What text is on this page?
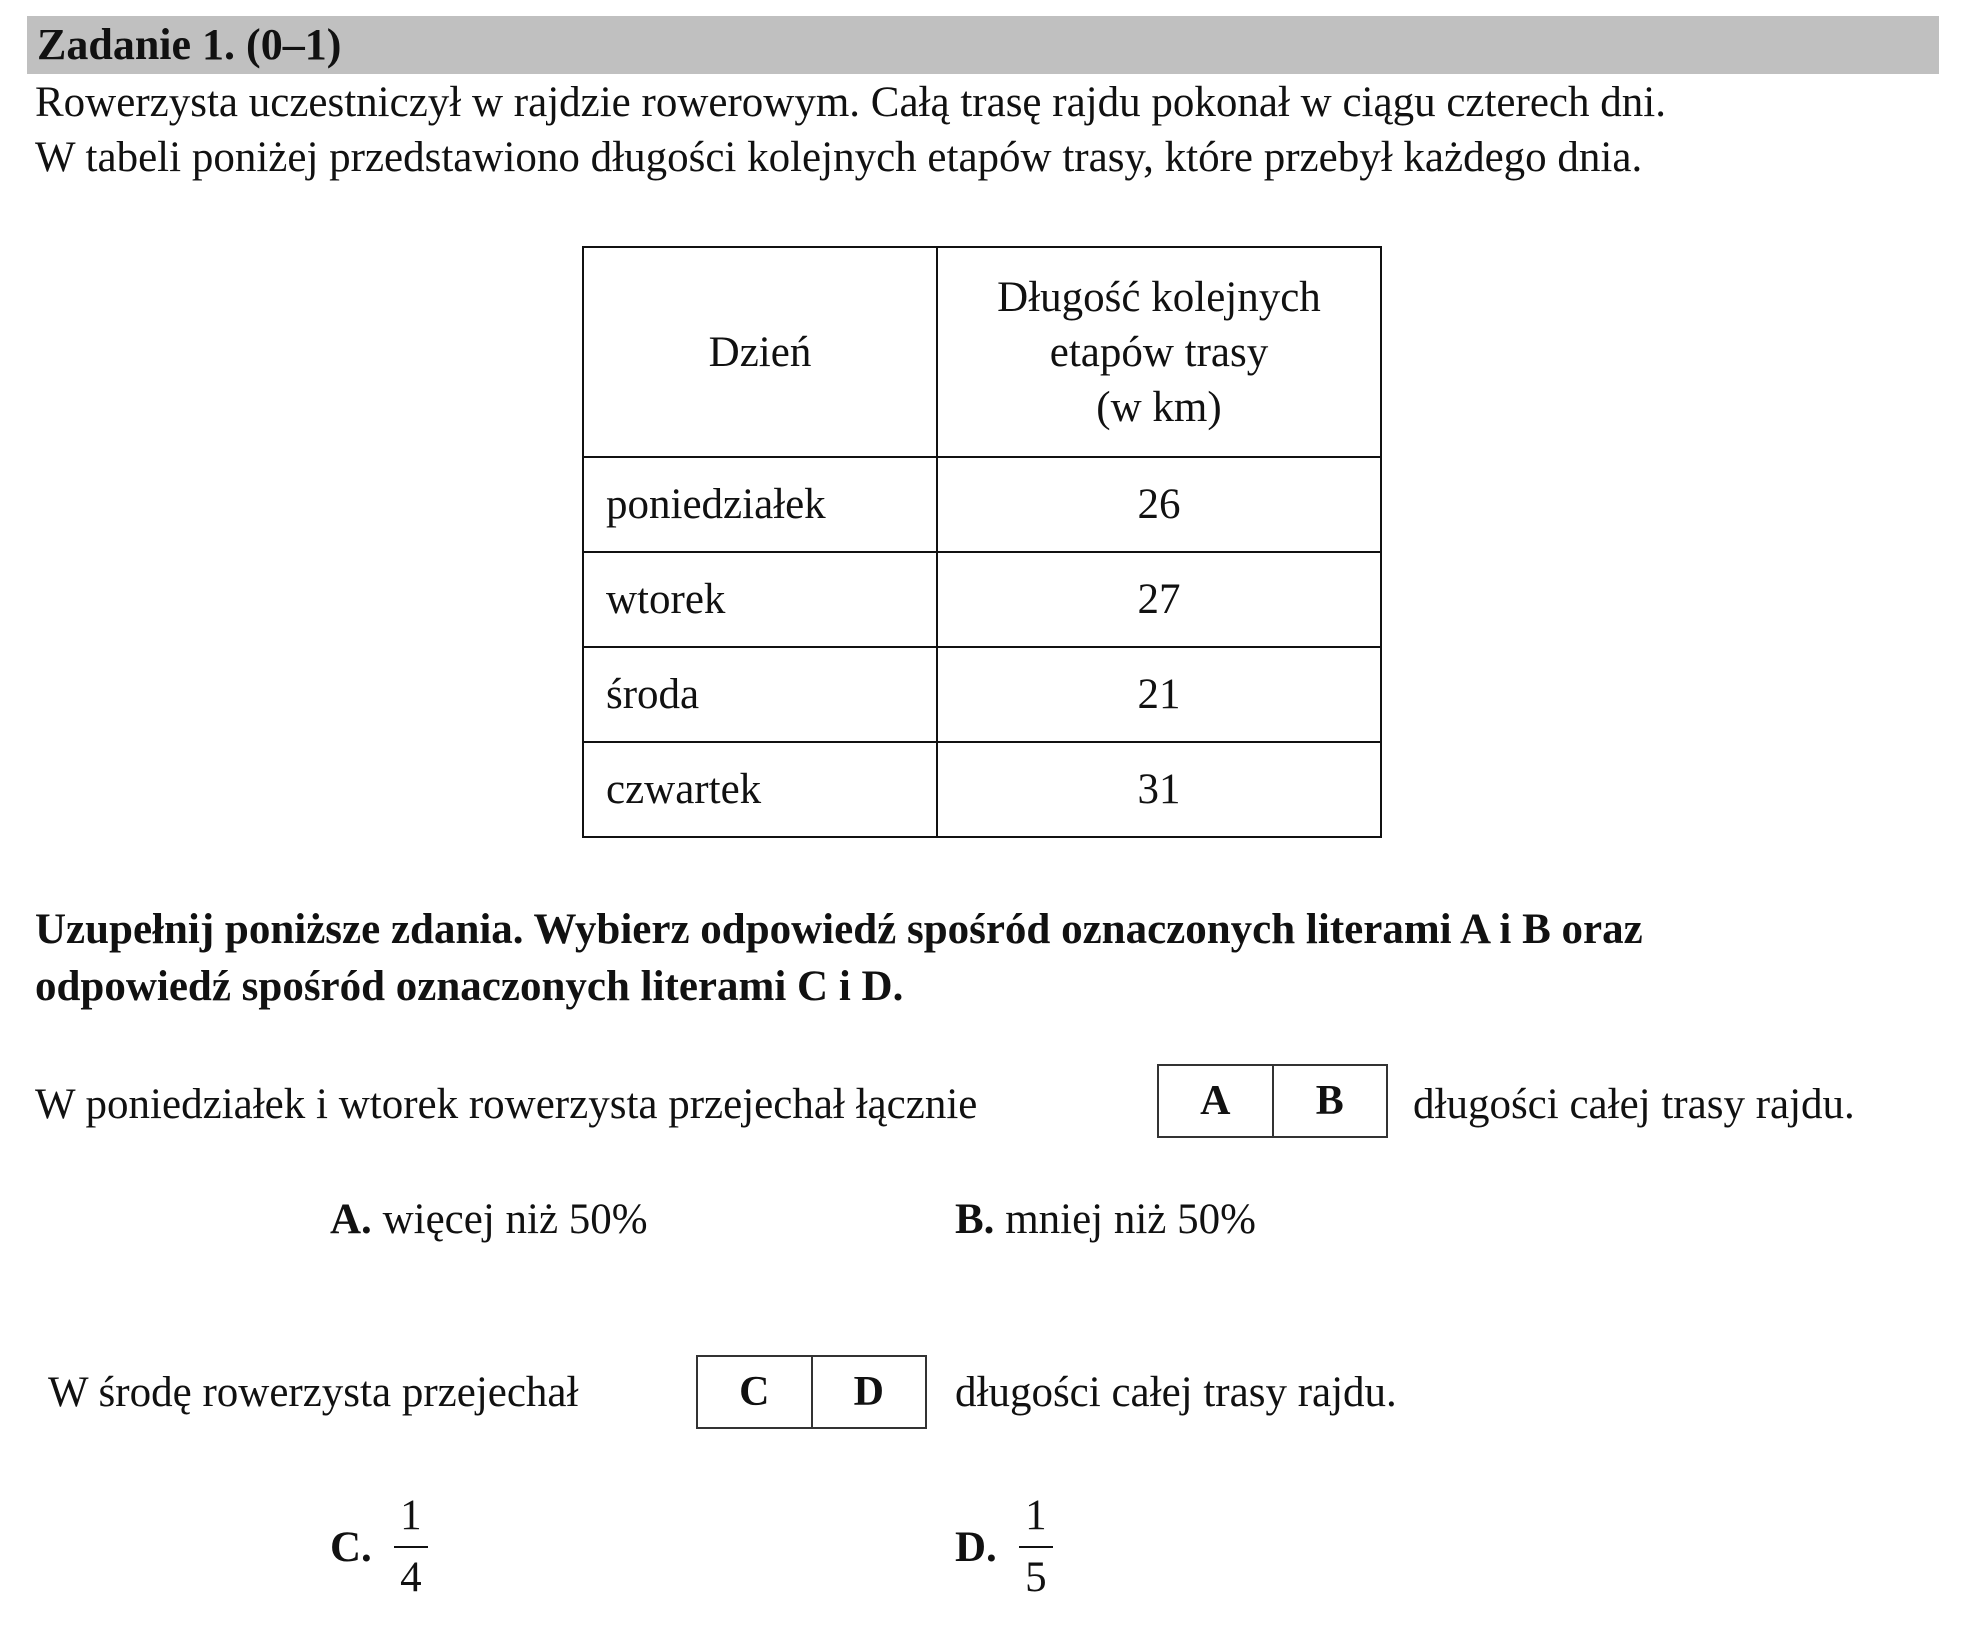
Zadanie 1. (0–1)
Rowerzysta uczestniczył w rajdzie rowerowym. Całą trasę rajdu pokonał w ciągu czterech dni.
W tabeli poniżej przedstawiono długości kolejnych etapów trasy, które przebył każdego dnia.
Dzień	Długość kolejnych
etapów trasy
(w km)

poniedziałek	26
wtorek	27
środa	21
czwartek	31
Uzupełnij poniższe zdania. Wybierz odpowiedź spośród oznaczonych literami A i B oraz
odpowiedź spośród oznaczonych literami C i D.
W poniedziałek i wtorek rowerzysta przejechał łącznie	A	B	długości całej trasy rajdu.
A. więcej niż 50%	B. mniej niż 50%
W środę rowerzysta przejechał	C	D	długości całej trasy rajdu.
C. $\frac{1}{4}$	D. $\frac{1}{5}$
